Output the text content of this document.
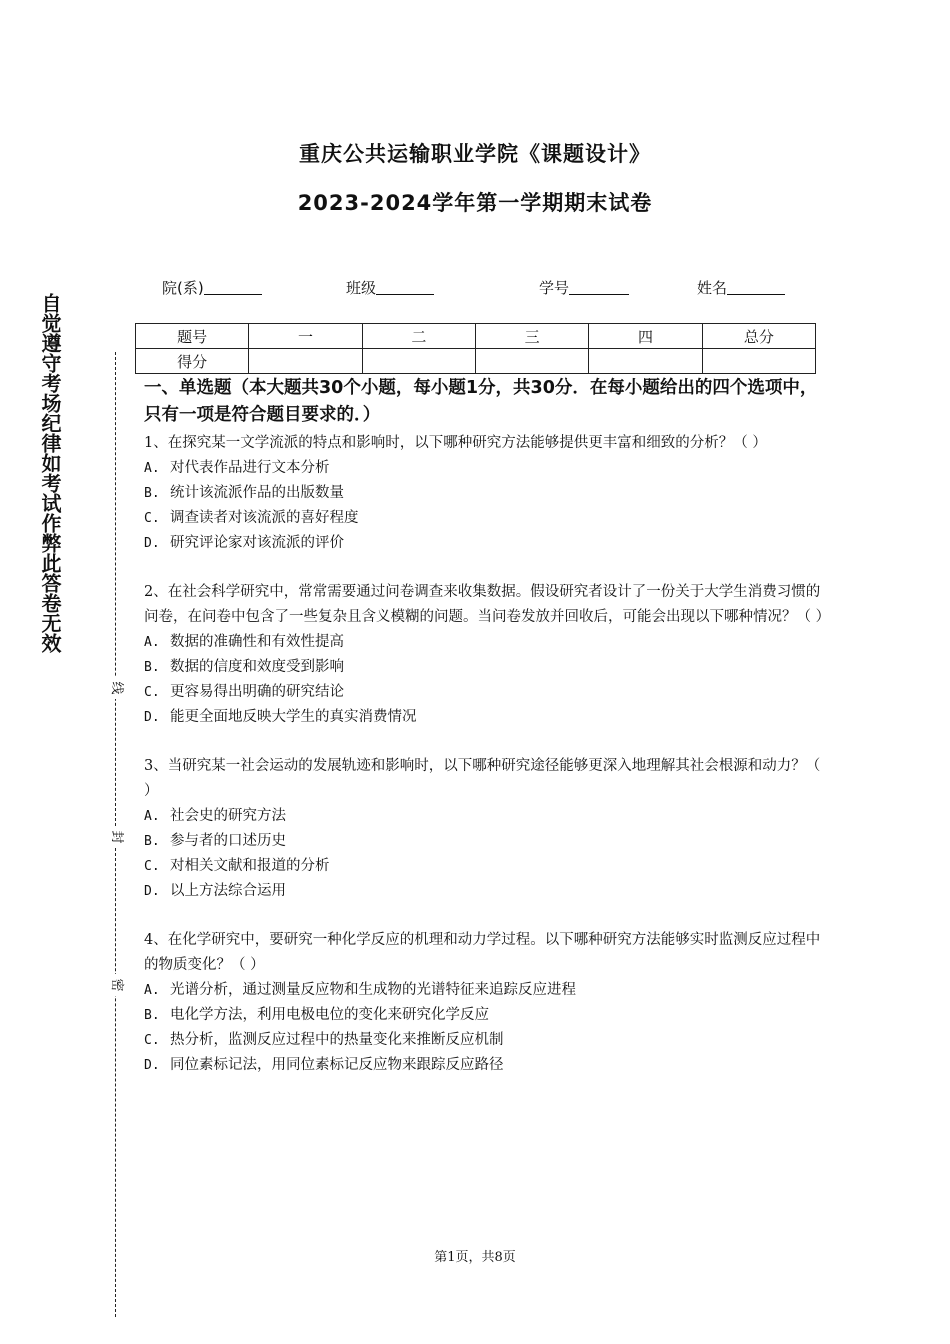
重庆公共运输职业学院《课题设计》
2023-2024学年第一学期期末试卷
自觉遵守考场纪律如考试作弊此答卷无效
线
封
密
院(系)	班级	学号	姓名
题号	一	二	三	四	总分
得分					

一、单选题（本大题共30个小题，每小题1分，共30分．在每小题给出的四个选项中，只有一项是符合题目要求的．）

1、在探究某一文学流派的特点和影响时，以下哪种研究方法能够提供更丰富和细致的分析？（ ）

A. 对代表作品进行文本分析

B. 统计该流派作品的出版数量

C. 调查读者对该流派的喜好程度

D. 研究评论家对该流派的评价

2、在社会科学研究中，常常需要通过问卷调查来收集数据。假设研究者设计了一份关于大学生消费习惯的问卷，在问卷中包含了一些复杂且含义模糊的问题。当问卷发放并回收后，可能会出现以下哪种情况？（ ）

A. 数据的准确性和有效性提高

B. 数据的信度和效度受到影响

C. 更容易得出明确的研究结论

D. 能更全面地反映大学生的真实消费情况

3、当研究某一社会运动的发展轨迹和影响时，以下哪种研究途径能够更深入地理解其社会根源和动力？（ ）

A. 社会史的研究方法

B. 参与者的口述历史

C. 对相关文献和报道的分析

D. 以上方法综合运用

4、在化学研究中，要研究一种化学反应的机理和动力学过程。以下哪种研究方法能够实时监测反应过程中的物质变化？（ ）

A. 光谱分析，通过测量反应物和生成物的光谱特征来追踪反应进程

B. 电化学方法，利用电极电位的变化来研究化学反应

C. 热分析，监测反应过程中的热量变化来推断反应机制

D. 同位素标记法，用同位素标记反应物来跟踪反应路径

第1页，共8页
